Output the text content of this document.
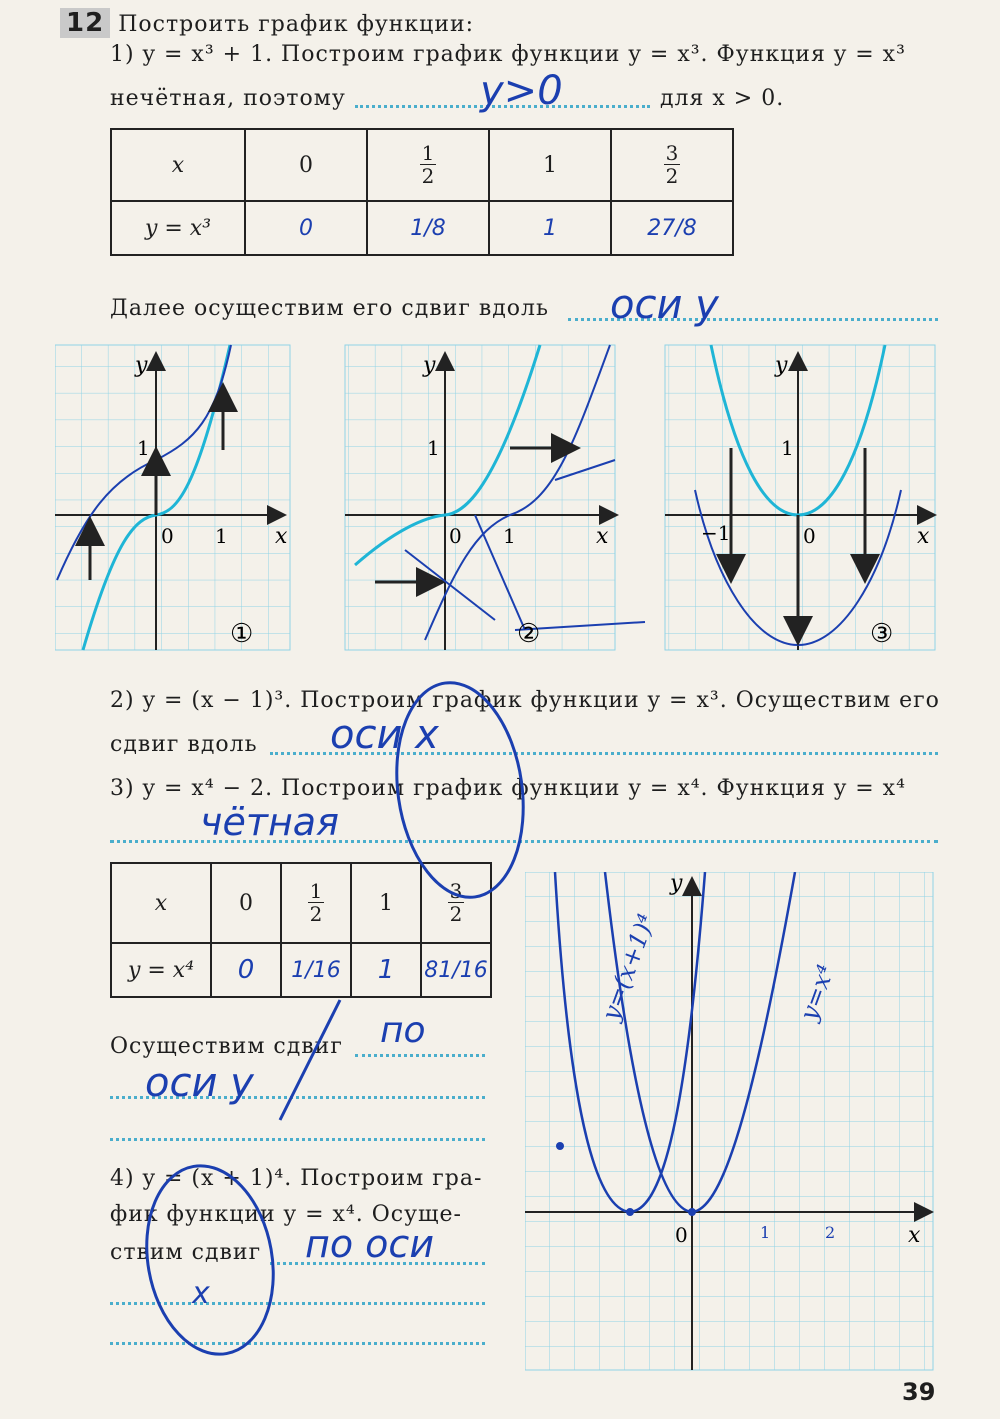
12 Построить график функции:
1) y = x³ + 1. Построим график функции y = x³. Функция y = x³
нечётная, поэтому	y>0	для x > 0.
x	0	$\frac{1}{2}$	1	$\frac{3}{2}$

y = x³	0	1/8	1	27/8
Далее осуществим его сдвиг вдоль оси y
y
1
0 1 x
①
y
1
0 1	x
②
y
1
−1	0	x
③
2) y = (x − 1)³. Построим график функции y = x³. Осуществим его
сдвиг вдоль оси x
3) y = x⁴ − 2. Построим график функции y = x⁴. Функция y = x⁴
чётная
x	0	$\frac{1}{2}$	1	$\frac{3}{2}$

y = x⁴	0	1/16	1	81/16
Осуществим сдвиг по
оси y
4) y = (x + 1)⁴. Построим гра-
фик функции y = x⁴. Осуще-
ствим сдвиг по оси
x
y
0	1	2	x
y=(x+1)⁴	y=x⁴
39
